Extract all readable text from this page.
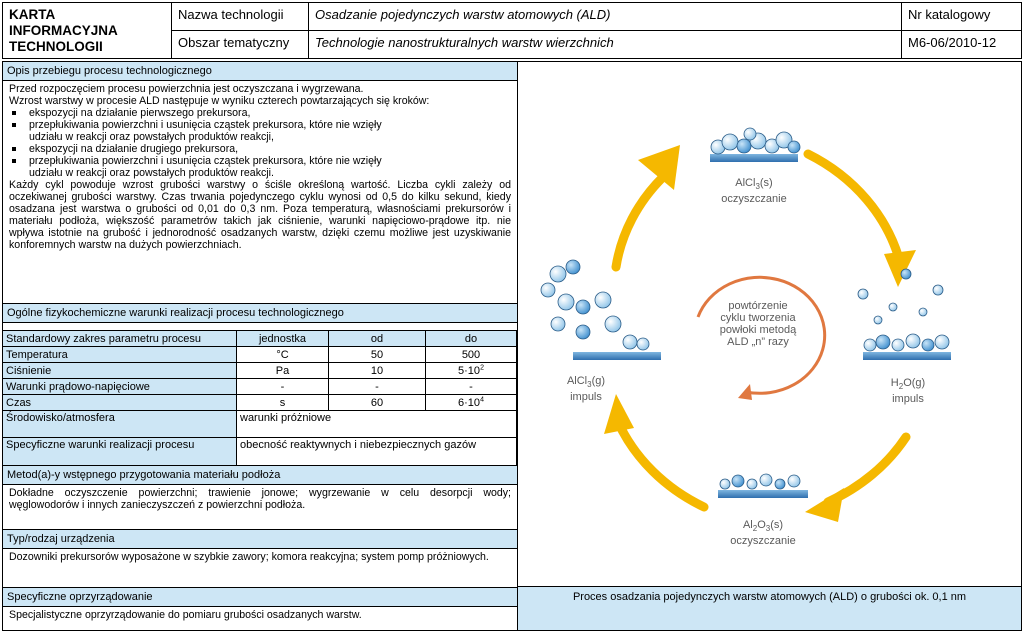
KARTA INFORMACYJNA
TECHNOLOGII
Nazwa technologii	Osadzanie pojedynczych warstw atomowych (ALD)	Nr katalogowy
Obszar tematyczny	Technologie nanostrukturalnych warstw wierzchnich	M6-06/2010-12
Opis przebiegu procesu technologicznego
Przed rozpoczęciem procesu powierzchnia jest oczyszczana i wygrzewana.
Wzrost warstwy w procesie ALD następuje w wyniku czterech powtarzających się kroków:
ekspozycji na działanie pierwszego prekursora,
przepłukiwania powierzchni i usunięcia cząstek prekursora, które nie wzięły udziału w reakcji oraz powstałych produktów reakcji,
ekspozycji na działanie drugiego prekursora,
przepłukiwania powierzchni i usunięcia cząstek prekursora, które nie wzięły udziału w reakcji oraz powstałych produktów reakcji.
Każdy cykl powoduje wzrost grubości warstwy o ściśle określoną wartość. Liczba cykli zależy od oczekiwanej grubości warstwy. Czas trwania pojedynczego cyklu wynosi od 0,5 do kilku sekund, kiedy osadzana jest warstwa o grubości od 0,01 do 0,3 nm. Poza temperaturą, własnościami prekursorów i materiału podłoża, większość parametrów takich jak ciśnienie, warunki napięciowo-prądowe itp. nie wpływa istotnie na grubość i jednorodność osadzanych warstw, dzięki czemu możliwe jest uzyskiwanie konforemnych warstw na dużych powierzchniach.
Ogólne fizykochemiczne warunki realizacji procesu technologicznego
Standardowy zakres parametru procesu	jednostka	od	do
Temperatura	°C	50	500
Ciśnienie	Pa	10	$5\cdot 10^2$
Warunki prądowo-napięciowe	-	-	-
Czas	s	60	$6\cdot 10^4$
Środowisko/atmosfera	warunki próżniowe		
Specyficzne warunki realizacji procesu	obecność reaktywnych i niebezpiecznych gazów		
Metod(a)-y wstępnego przygotowania materiału podłoża
Dokładne oczyszczenie powierzchni; trawienie jonowe; wygrzewanie w celu desorpcji wody; węglowodorów i innych zanieczyszczeń z powierzchni podłoża.
Typ/rodzaj urządzenia
Dozowniki prekursorów wyposażone w szybkie zawory; komora reakcyjna; system pomp próżniowych.
Specyficzne oprzyrządowanie
Specjalistyczne oprzyrządowanie do pomiaru grubości osadzanych warstw.
AlCl$_3$(s)
oczyszczanie
$H_2O(g)$
impuls
$Al_2O_3(s)$
oczyszczanie
AlCl$_3$(g)
impuls
powtórzenie
cyklu tworzenia
powłoki metodą
ALD „n” razy
Proces osadzania pojedynczych warstw atomowych (ALD) o grubości ok. 0,1 nm
